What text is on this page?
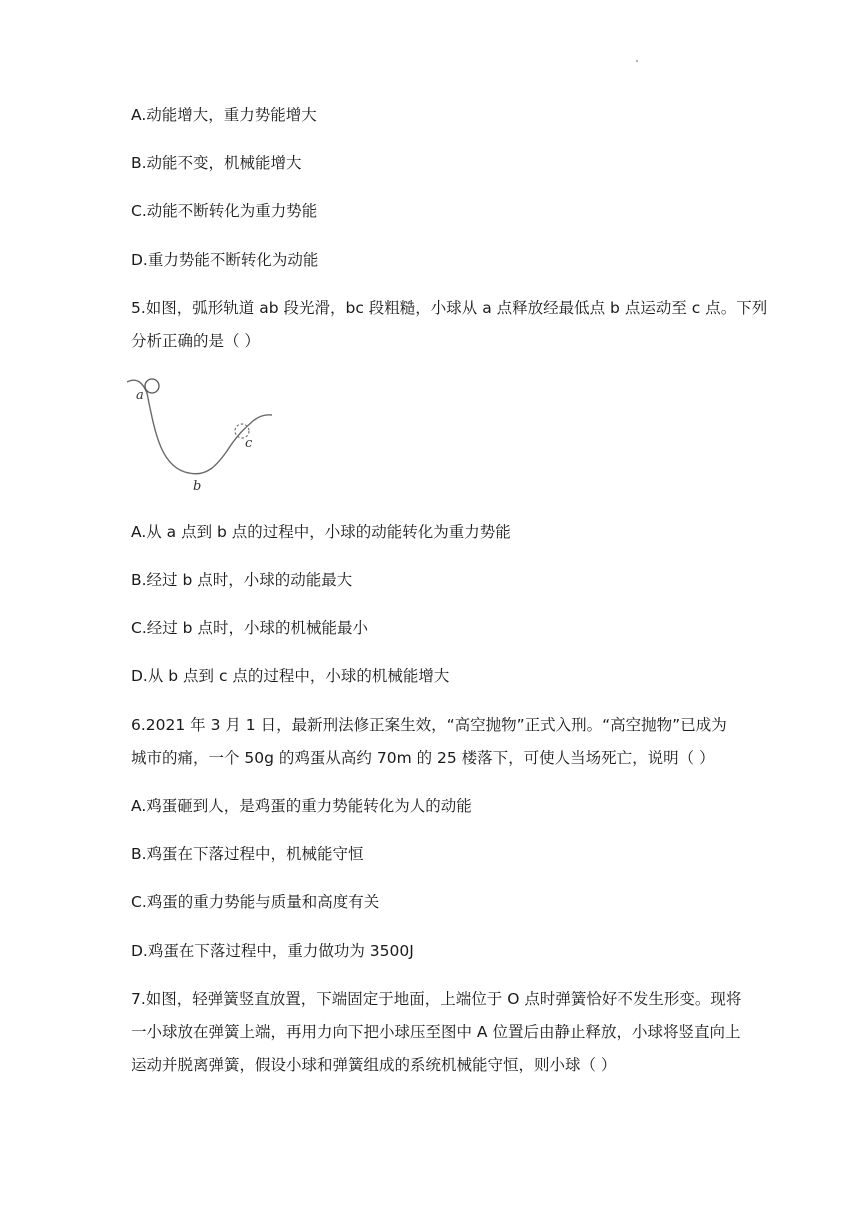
A.动能增大，重力势能增大
B.动能不变，机械能增大
C.动能不断转化为重力势能
D.重力势能不断转化为动能
5.如图，弧形轨道 ab 段光滑，bc 段粗糙，小球从 a 点释放经最低点 b 点运动至 c 点。下列
分析正确的是（ ）
a
b
c
A.从 a 点到 b 点的过程中，小球的动能转化为重力势能
B.经过 b 点时，小球的动能最大
C.经过 b 点时，小球的机械能最小
D.从 b 点到 c 点的过程中，小球的机械能增大
6.2021 年 3 月 1 日，最新刑法修正案生效，“高空抛物”正式入刑。“高空抛物”已成为
城市的痛，一个 50g 的鸡蛋从高约 70m 的 25 楼落下，可使人当场死亡，说明（ ）
A.鸡蛋砸到人，是鸡蛋的重力势能转化为人的动能
B.鸡蛋在下落过程中，机械能守恒
C.鸡蛋的重力势能与质量和高度有关
D.鸡蛋在下落过程中，重力做功为 3500J
7.如图，轻弹簧竖直放置，下端固定于地面，上端位于 O 点时弹簧恰好不发生形变。现将
一小球放在弹簧上端，再用力向下把小球压至图中 A 位置后由静止释放，小球将竖直向上
运动并脱离弹簧，假设小球和弹簧组成的系统机械能守恒，则小球（ ）
